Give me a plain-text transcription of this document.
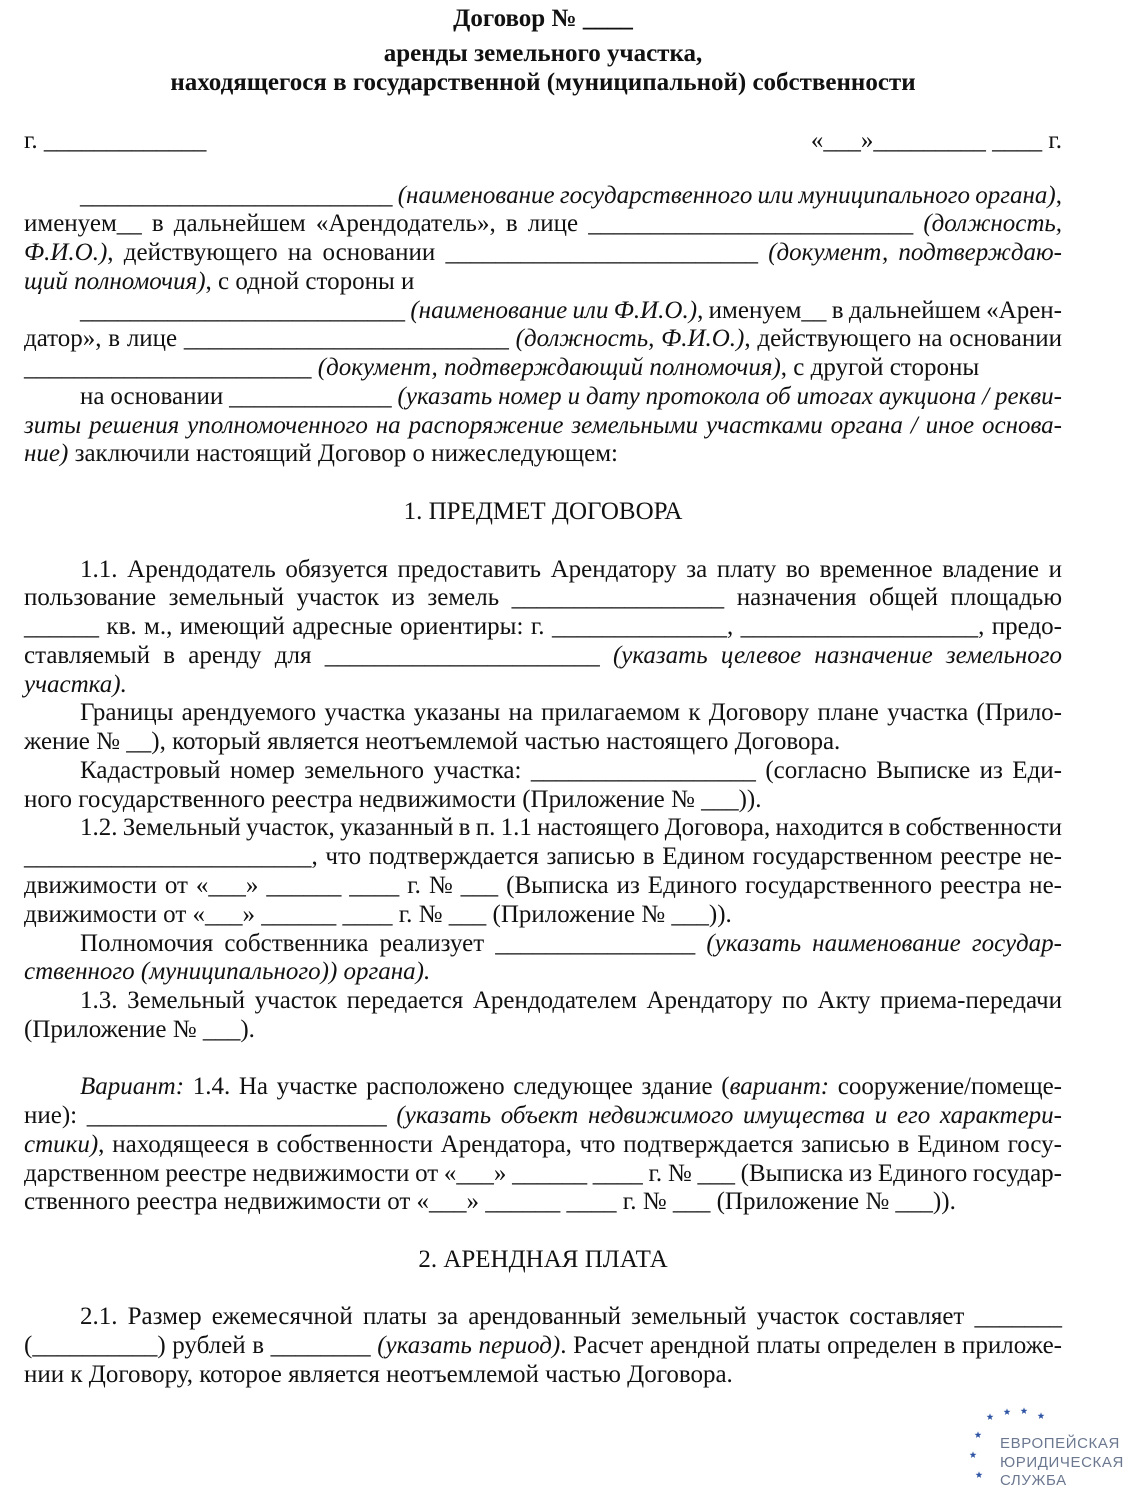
Договор № ____
аренды земельного участка,
находящегося в государственной (муниципальной) собственности
г. _____________	«___»_________ ____ г.
_________________________ (наименование государственного или муниципального органа),
именуем__ в дальнейшем «Арендодатель», в лице __________________________ (должность,
Ф.И.О.), действующего на основании _________________________ (документ, подтверждаю-
щий полномочия), с одной стороны и
__________________________ (наименование или Ф.И.О.), именуем__ в дальнейшем «Арен-
датор», в лице __________________________ (должность, Ф.И.О.), действующего на основании
_______________________ (документ, подтверждающий полномочия), с другой стороны
на основании _____________ (указать номер и дату протокола об итогах аукциона / рекви-
зиты решения уполномоченного на распоряжение земельными участками органа / иное основа-
ние) заключили настоящий Договор о нижеследующем:
1. ПРЕДМЕТ ДОГОВОРА
1.1. Арендодатель обязуется предоставить Арендатору за плату во временное владение и
пользование земельный участок из земель _________________ назначения общей площадью
______ кв. м., имеющий адресные ориентиры: г. ______________, ___________________, предо-
ставляемый в аренду для ______________________ (указать целевое назначение земельного
участка).
Границы арендуемого участка указаны на прилагаемом к Договору плане участка (Прило-
жение № __), который является неотъемлемой частью настоящего Договора.
Кадастровый номер земельного участка: __________________ (согласно Выписке из Еди-
ного государственного реестра недвижимости (Приложение № ___)).
1.2. Земельный участок, указанный в п. 1.1 настоящего Договора, находится в собственности
_______________________, что подтверждается записью в Едином государственном реестре не-
движимости от «___» ______ ____ г. № ___ (Выписка из Единого государственного реестра не-
движимости от «___» ______ ____ г. № ___ (Приложение № ___)).
Полномочия собственника реализует ________________ (указать наименование государ-
ственного (муниципального)) органа).
1.3. Земельный участок передается Арендодателем Арендатору по Акту приема-передачи
(Приложение № ___).
Вариант: 1.4. На участке расположено следующее здание (вариант: сооружение/помеще-
ние): ________________________ (указать объект недвижимого имущества и его характери-
стики), находящееся в собственности Арендатора, что подтверждается записью в Едином госу-
дарственном реестре недвижимости от «___» ______ ____ г. № ___ (Выписка из Единого государ-
ственного реестра недвижимости от «___» ______ ____ г. № ___ (Приложение № ___)).
2. АРЕНДНАЯ ПЛАТА
2.1. Размер ежемесячной платы за арендованный земельный участок составляет _______
(__________) рублей в ________ (указать период). Расчет арендной платы определен в приложе-
нии к Договору, которое является неотъемлемой частью Договора.
ЕВРОПЕЙСКАЯ
ЮРИДИЧЕСКАЯ
СЛУЖБА
